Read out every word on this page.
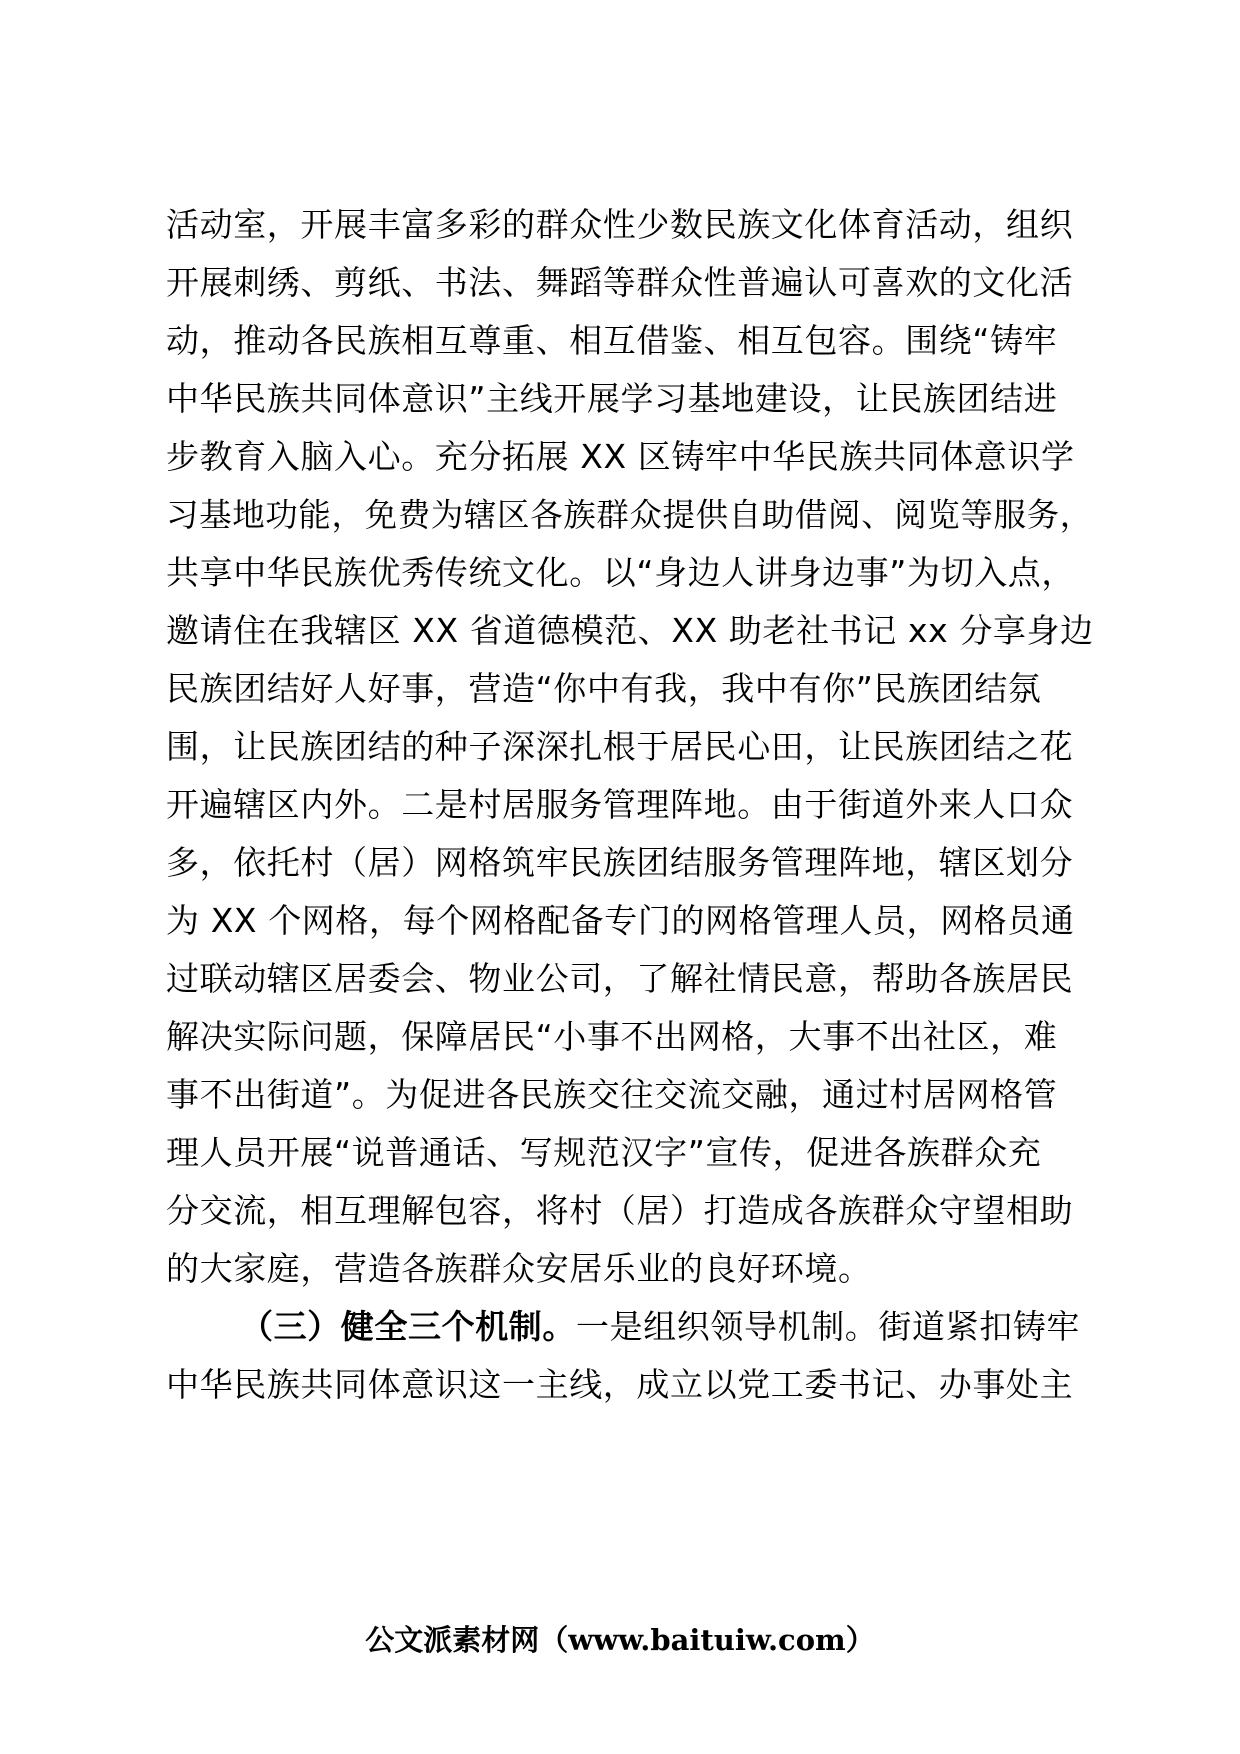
活动室，开展丰富多彩的群众性少数民族文化体育活动，组织
开展刺绣、剪纸、书法、舞蹈等群众性普遍认可喜欢的文化活
动，推动各民族相互尊重、相互借鉴、相互包容。围绕“铸牢
中华民族共同体意识”主线开展学习基地建设，让民族团结进
步教育入脑入心。充分拓展 XX 区铸牢中华民族共同体意识学
习基地功能，免费为辖区各族群众提供自助借阅、阅览等服务，
共享中华民族优秀传统文化。以“身边人讲身边事”为切入点，
邀请住在我辖区 XX 省道德模范、XX 助老社书记 xx 分享身边
民族团结好人好事，营造“你中有我，我中有你”民族团结氛
围，让民族团结的种子深深扎根于居民心田，让民族团结之花
开遍辖区内外。二是村居服务管理阵地。由于街道外来人口众
多，依托村（居）网格筑牢民族团结服务管理阵地，辖区划分
为 XX 个网格，每个网格配备专门的网格管理人员，网格员通
过联动辖区居委会、物业公司，了解社情民意，帮助各族居民
解决实际问题，保障居民“小事不出网格，大事不出社区，难
事不出街道”。为促进各民族交往交流交融，通过村居网格管
理人员开展“说普通话、写规范汉字”宣传，促进各族群众充
分交流，相互理解包容，将村（居）打造成各族群众守望相助
的大家庭，营造各族群众安居乐业的良好环境。
（三）健全三个机制。一是组织领导机制。街道紧扣铸牢
中华民族共同体意识这一主线，成立以党工委书记、办事处主
公文派素材网（www.baituiw.com）
